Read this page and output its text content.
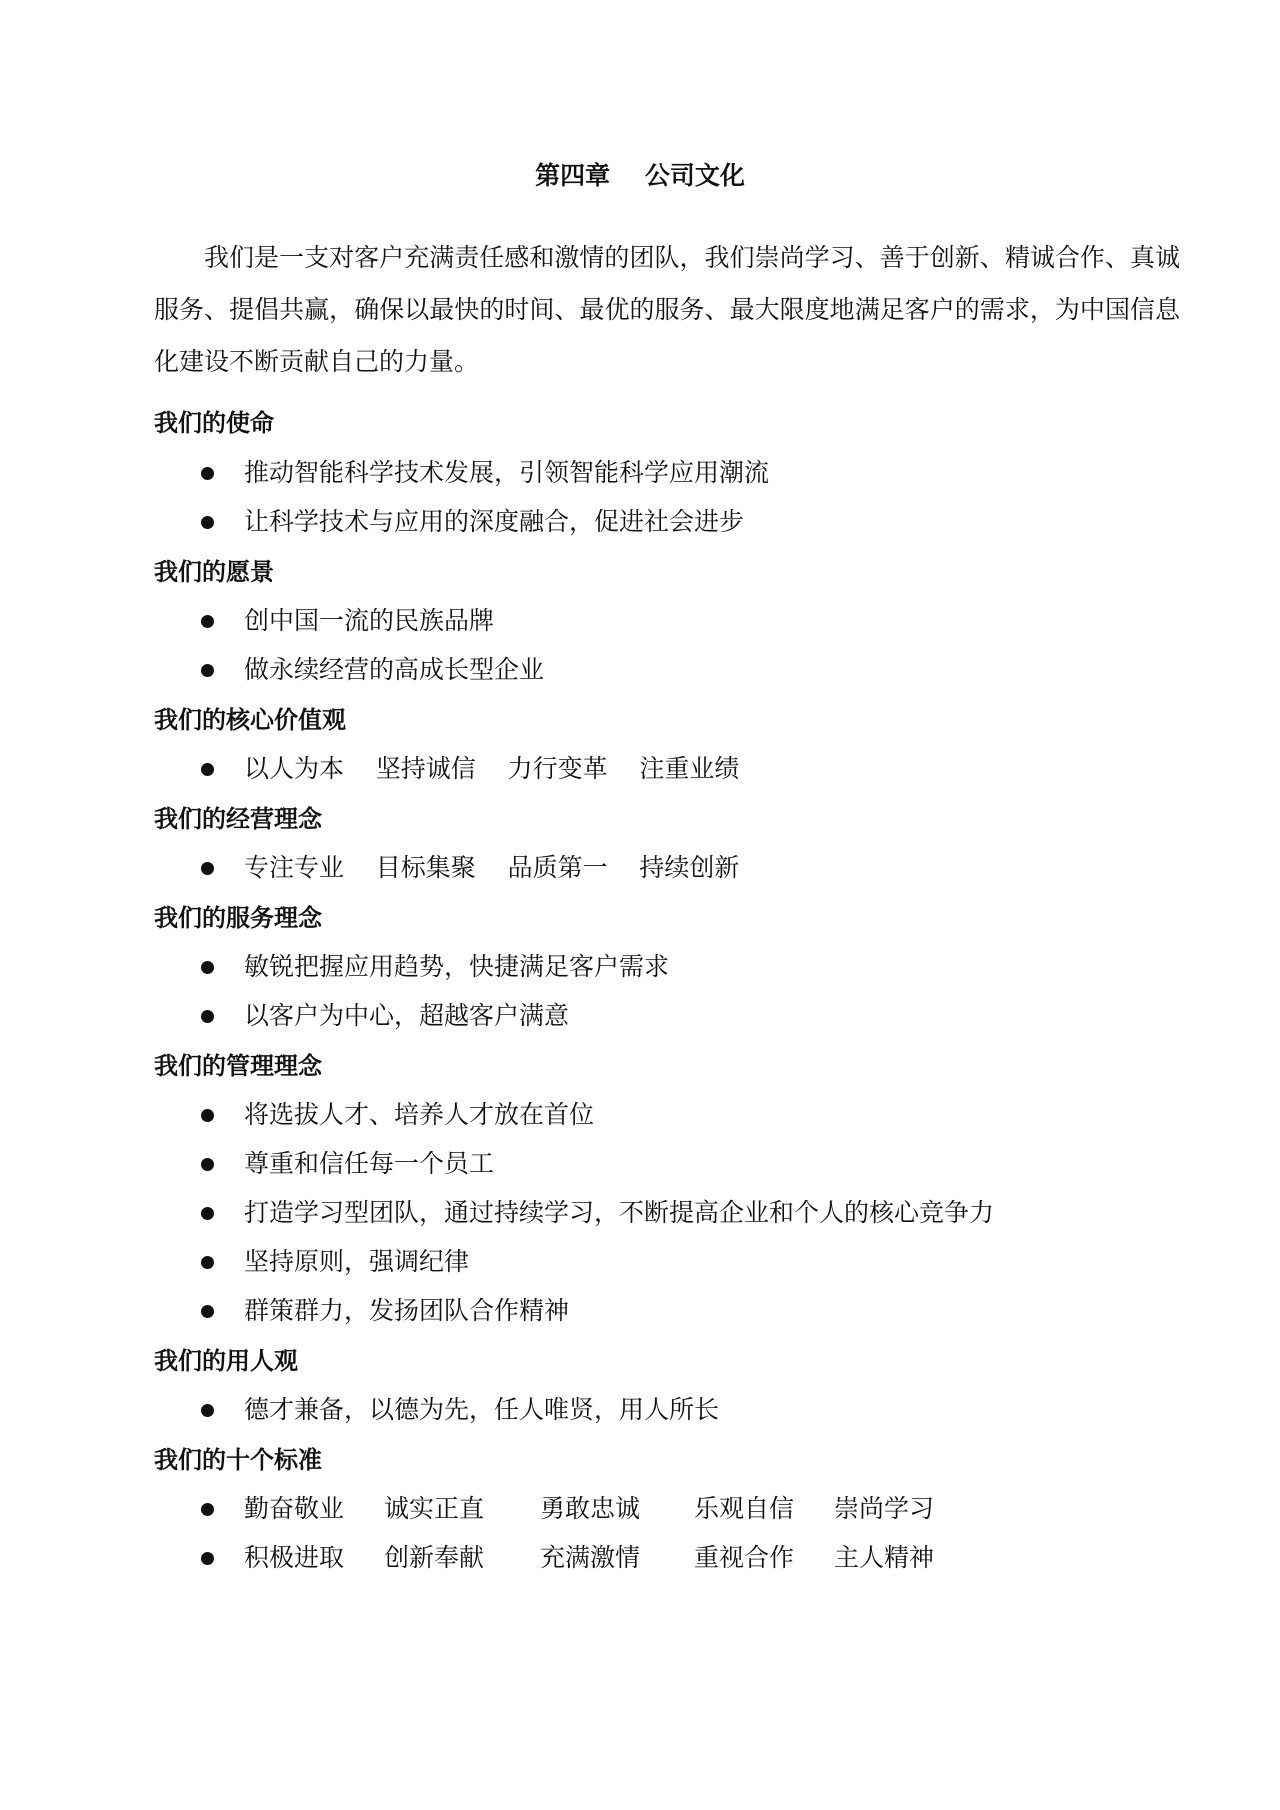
第四章    公司文化
我们是一支对客户充满责任感和激情的团队，我们崇尚学习、善于创新、精诚合作、真诚服务、提倡共赢，确保以最快的时间、最优的服务、最大限度地满足客户的需求，为中国信息化建设不断贡献自己的力量。
我们的使命
推动智能科学技术发展，引领智能科学应用潮流
让科学技术与应用的深度融合，促进社会进步
我们的愿景
创中国一流的民族品牌
做永续经营的高成长型企业
我们的核心价值观
以人为本    坚持诚信    力行变革    注重业绩
我们的经营理念
专注专业    目标集聚    品质第一    持续创新
我们的服务理念
敏锐把握应用趋势，快捷满足客户需求
以客户为中心，超越客户满意
我们的管理理念
将选拔人才、培养人才放在首位
尊重和信任每一个员工
打造学习型团队，通过持续学习，不断提高企业和个人的核心竞争力
坚持原则，强调纪律
群策群力，发扬团队合作精神
我们的用人观
德才兼备，以德为先，任人唯贤，用人所长
我们的十个标准
勤奋敬业 诚实正直 勇敢忠诚 乐观自信 崇尚学习
积极进取 创新奉献 充满激情 重视合作 主人精神
